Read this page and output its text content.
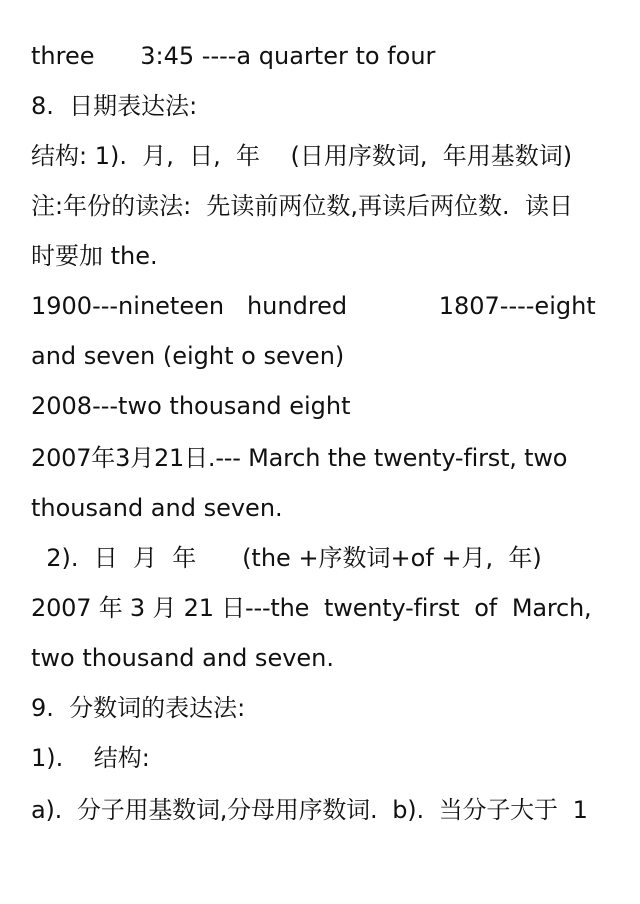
three      3:45 ----a quarter to four
8.  日期表达法:
结构: 1).  月,  日,  年    (日用序数词,  年用基数词)
注:年份的读法:  先读前两位数,再读后两位数.  读日
时要加 the.
1900---nineteen   hundred            1807----eight
and seven (eight o seven)
2008---two thousand eight
2007年3月21日.--- March the twenty-first, two
thousand and seven.
2).  日  月  年      (the +序数词+of +月,  年)
2007 年 3 月 21 日---the  twenty-first  of  March,
two thousand and seven.
9.  分数词的表达法:
1).    结构:
a).  分子用基数词,分母用序数词.  b).  当分子大于  1
